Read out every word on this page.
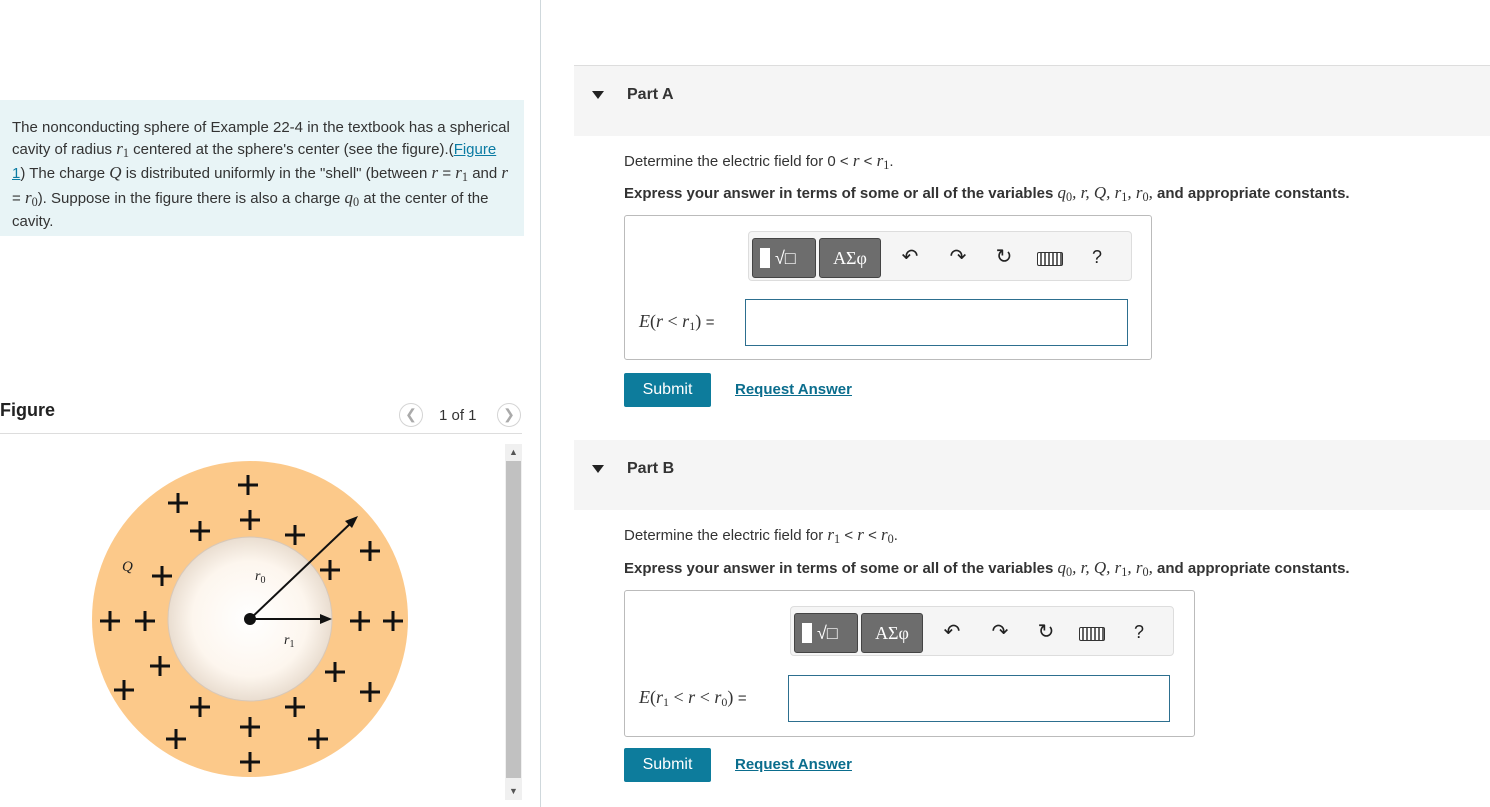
The nonconducting sphere of Example 22-4 in the textbook has a spherical cavity of radius $r_1$ centered at the sphere's center (see the figure).(Figure 1) The charge Q is distributed uniformly in the "shell" (between $r = r_1$ and $r = r_0$). Suppose in the figure there is also a charge $q_0$ at the center of the cavity.

Figure	❮	1 of 1	❯
Q
$r_0$
$r_1$
▲
▼
Part A
Determine the electric field for $0 < r < r_1$.
Express your answer in terms of some or all of the variables $q_0$, r, Q, $r_1$, $r_0$, and appropriate constants.
√□	ΑΣφ	↶ ↷ ↻	?
E(r < r1) =
Submit	Request Answer
Part B
Determine the electric field for $r_1 < r < r_0$.
Express your answer in terms of some or all of the variables $q_0$, r, Q, $r_1$, $r_0$, and appropriate constants.
√□	ΑΣφ	↶ ↷ ↻	?
E(r1 < r < r0) =
Submit	Request Answer
